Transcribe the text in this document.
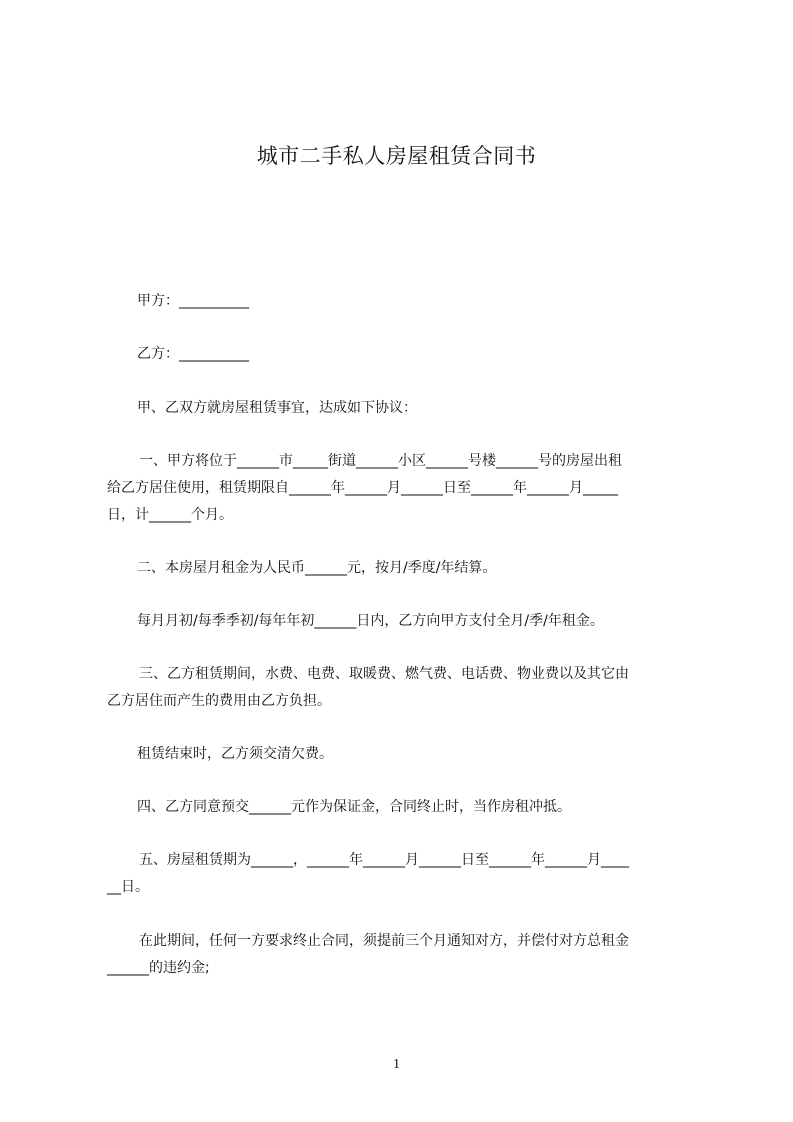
城市二手私人房屋租赁合同书
甲方：__________
乙方：__________
甲、乙双方就房屋租赁事宜，达成如下协议：
一、甲方将位于______市_____街道______小区______号楼______号的房屋出租
给乙方居住使用，租赁期限自______年______月______日至______年______月_____
日，计______个月。
二、本房屋月租金为人民币______元，按月/季度/年结算。
每月月初/每季季初/每年年初______日内，乙方向甲方支付全月/季/年租金。
三、乙方租赁期间，水费、电费、取暖费、燃气费、电话费、物业费以及其它由
乙方居住而产生的费用由乙方负担。
租赁结束时，乙方须交清欠费。
四、乙方同意预交______元作为保证金，合同终止时，当作房租冲抵。
五、房屋租赁期为______，______年______月______日至______年______月____
__日。
在此期间，任何一方要求终止合同，须提前三个月通知对方，并偿付对方总租金
______的违约金;
1
